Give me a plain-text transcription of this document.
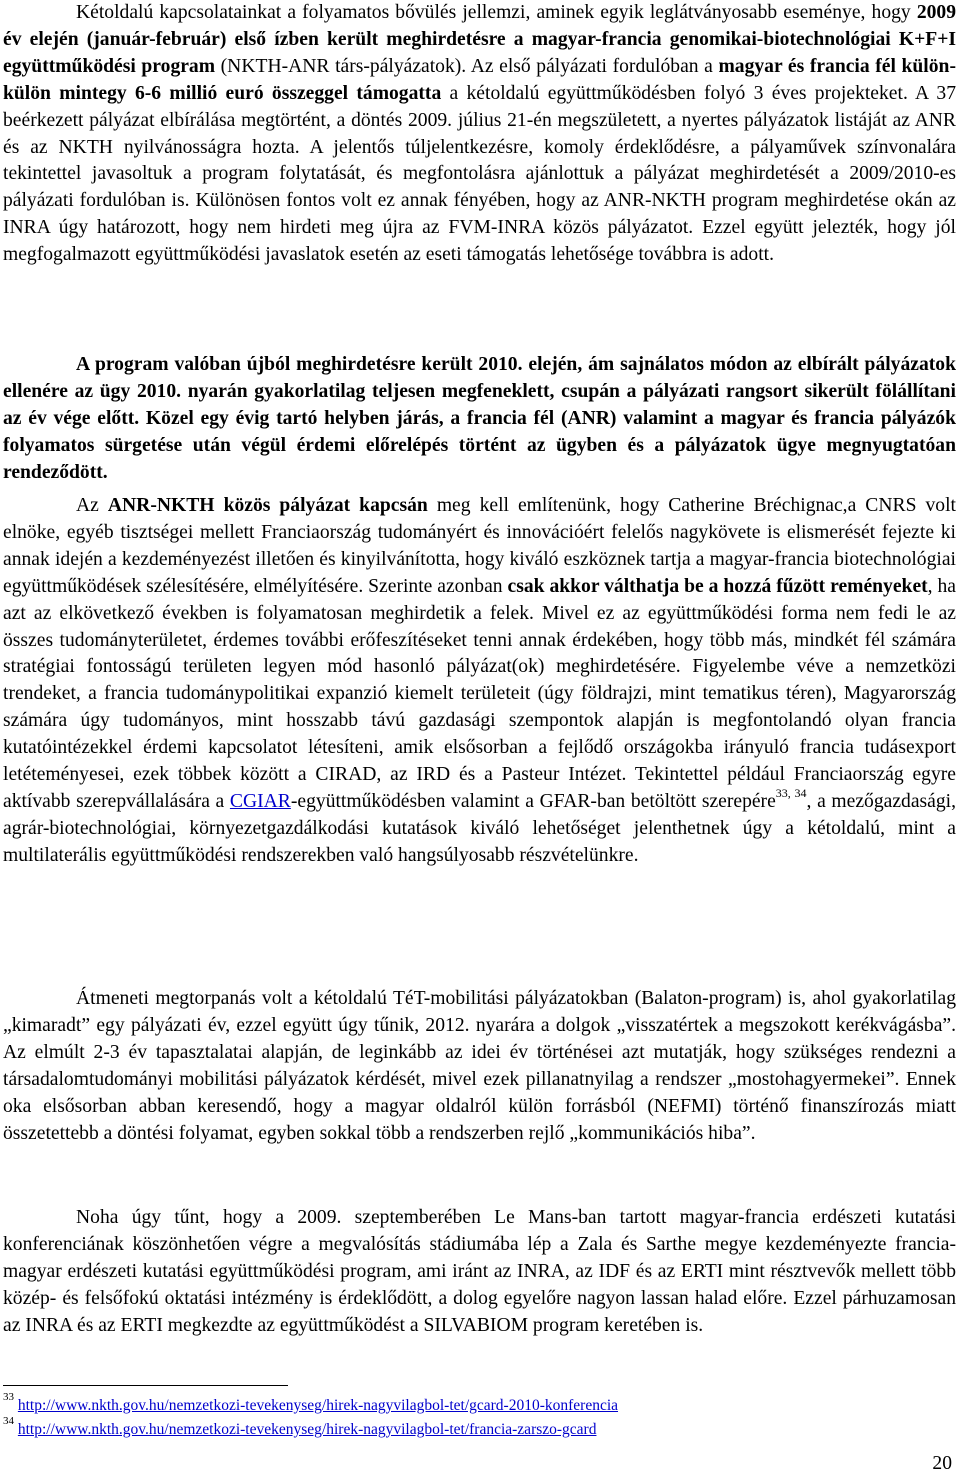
Kétoldalú kapcsolatainkat a folyamatos bővülés jellemzi, aminek egyik leglátványosabb eseménye, hogy 2009 év elején (január-február) első ízben került meghirdetésre a magyar-francia genomikai-biotechnológiai K+F+I együttműködési program (NKTH-ANR társ-pályázatok). Az első pályázati fordulóban a magyar és francia fél külön-külön mintegy 6-6 millió euró összeggel támogatta a kétoldalú együttműködésben folyó 3 éves projekteket. A 37 beérkezett pályázat elbírálása megtörtént, a döntés 2009. július 21-én megszületett, a nyertes pályázatok listáját az ANR és az NKTH nyilvánosságra hozta. A jelentős túljelentkezésre, komoly érdeklődésre, a pályaművek színvonalára tekintettel javasoltuk a program folytatását, és megfontolásra ajánlottuk a pályázat meghirdetését a 2009/2010-es pályázati fordulóban is. Különösen fontos volt ez annak fényében, hogy az ANR-NKTH program meghirdetése okán az INRA úgy határozott, hogy nem hirdeti meg újra az FVM-INRA közös pályázatot. Ezzel együtt jelezték, hogy jól megfogalmazott együttműködési javaslatok esetén az eseti támogatás lehetősége továbbra is adott.

A program valóban újból meghirdetésre került 2010. elején, ám sajnálatos módon az elbírált pályázatok ellenére az ügy 2010. nyarán gyakorlatilag teljesen megfeneklett, csupán a pályázati rangsort sikerült fölállítani az év vége előtt. Közel egy évig tartó helyben járás, a francia fél (ANR) valamint a magyar és francia pályázók folyamatos sürgetése után végül érdemi előrelépés történt az ügyben és a pályázatok ügye megnyugtatóan rendeződött.

Az ANR-NKTH közös pályázat kapcsán meg kell említenünk, hogy Catherine Bréchignac,a CNRS volt elnöke, egyéb tisztségei mellett Franciaország tudományért és innovációért felelős nagykövete is elismerését fejezte ki annak idején a kezdeményezést illetően és kinyilvánította, hogy kiváló eszköznek tartja a magyar-francia biotechnológiai együttműködések szélesítésére, elmélyítésére. Szerinte azonban csak akkor válthatja be a hozzá fűzött reményeket, ha azt az elkövetkező években is folyamatosan meghirdetik a felek. Mivel ez az együttműködési forma nem fedi le az összes tudományterületet, érdemes további erőfeszítéseket tenni annak érdekében, hogy több más, mindkét fél számára stratégiai fontosságú területen legyen mód hasonló pályázat(ok) meghirdetésére. Figyelembe véve a nemzetközi trendeket, a francia tudománypolitikai expanzió kiemelt területeit (úgy földrajzi, mint tematikus téren), Magyarország számára úgy tudományos, mint hosszabb távú gazdasági szempontok alapján is megfontolandó olyan francia kutatóintézekkel érdemi kapcsolatot létesíteni, amik elsősorban a fejlődő országokba irányuló francia tudásexport letéteményesei, ezek többek között a CIRAD, az IRD és a Pasteur Intézet. Tekintettel például Franciaország egyre aktívabb szerepvállalására a CGIAR-együttműködésben valamint a GFAR-ban betöltött szerepére$^{33, 34}$, a mezőgazdasági, agrár-biotechnológiai, környezetgazdálkodási kutatások kiváló lehetőséget jelenthetnek úgy a kétoldalú, mint a multilaterális együttműködési rendszerekben való hangsúlyosabb részvételünkre.

Átmeneti megtorpanás volt a kétoldalú TéT-mobilitási pályázatokban (Balaton-program) is, ahol gyakorlatilag „kimaradt” egy pályázati év, ezzel együtt úgy tűnik, 2012. nyarára a dolgok „visszatértek a megszokott kerékvágásba”. Az elmúlt 2-3 év tapasztalatai alapján, de leginkább az idei év történései azt mutatják, hogy szükséges rendezni a társadalomtudományi mobilitási pályázatok kérdését, mivel ezek pillanatnyilag a rendszer „mostohagyermekei”. Ennek oka elsősorban abban keresendő, hogy a magyar oldalról külön forrásból (NEFMI) történő finanszírozás miatt összetettebb a döntési folyamat, egyben sokkal több a rendszerben rejlő „kommunikációs hiba”.

Noha úgy tűnt, hogy a 2009. szeptemberében Le Mans-ban tartott magyar-francia erdészeti kutatási konferenciának köszönhetően végre a megvalósítás stádiumába lép a Zala és Sarthe megye kezdeményezte francia-magyar erdészeti kutatási együttműködési program, ami iránt az INRA, az IDF és az ERTI mint résztvevők mellett több közép- és felsőfokú oktatási intézmény is érdeklődött, a dolog egyelőre nagyon lassan halad előre. Ezzel párhuzamosan az INRA és az ERTI megkezdte az együttműködést a SILVABIOM program keretében is.

$^{33}$ http://www.nkth.gov.hu/nemzetkozi-tevekenyseg/hirek-nagyvilagbol-tet/gcard-2010-konferencia
$^{34}$ http://www.nkth.gov.hu/nemzetkozi-tevekenyseg/hirek-nagyvilagbol-tet/francia-zarszo-gcard
20
